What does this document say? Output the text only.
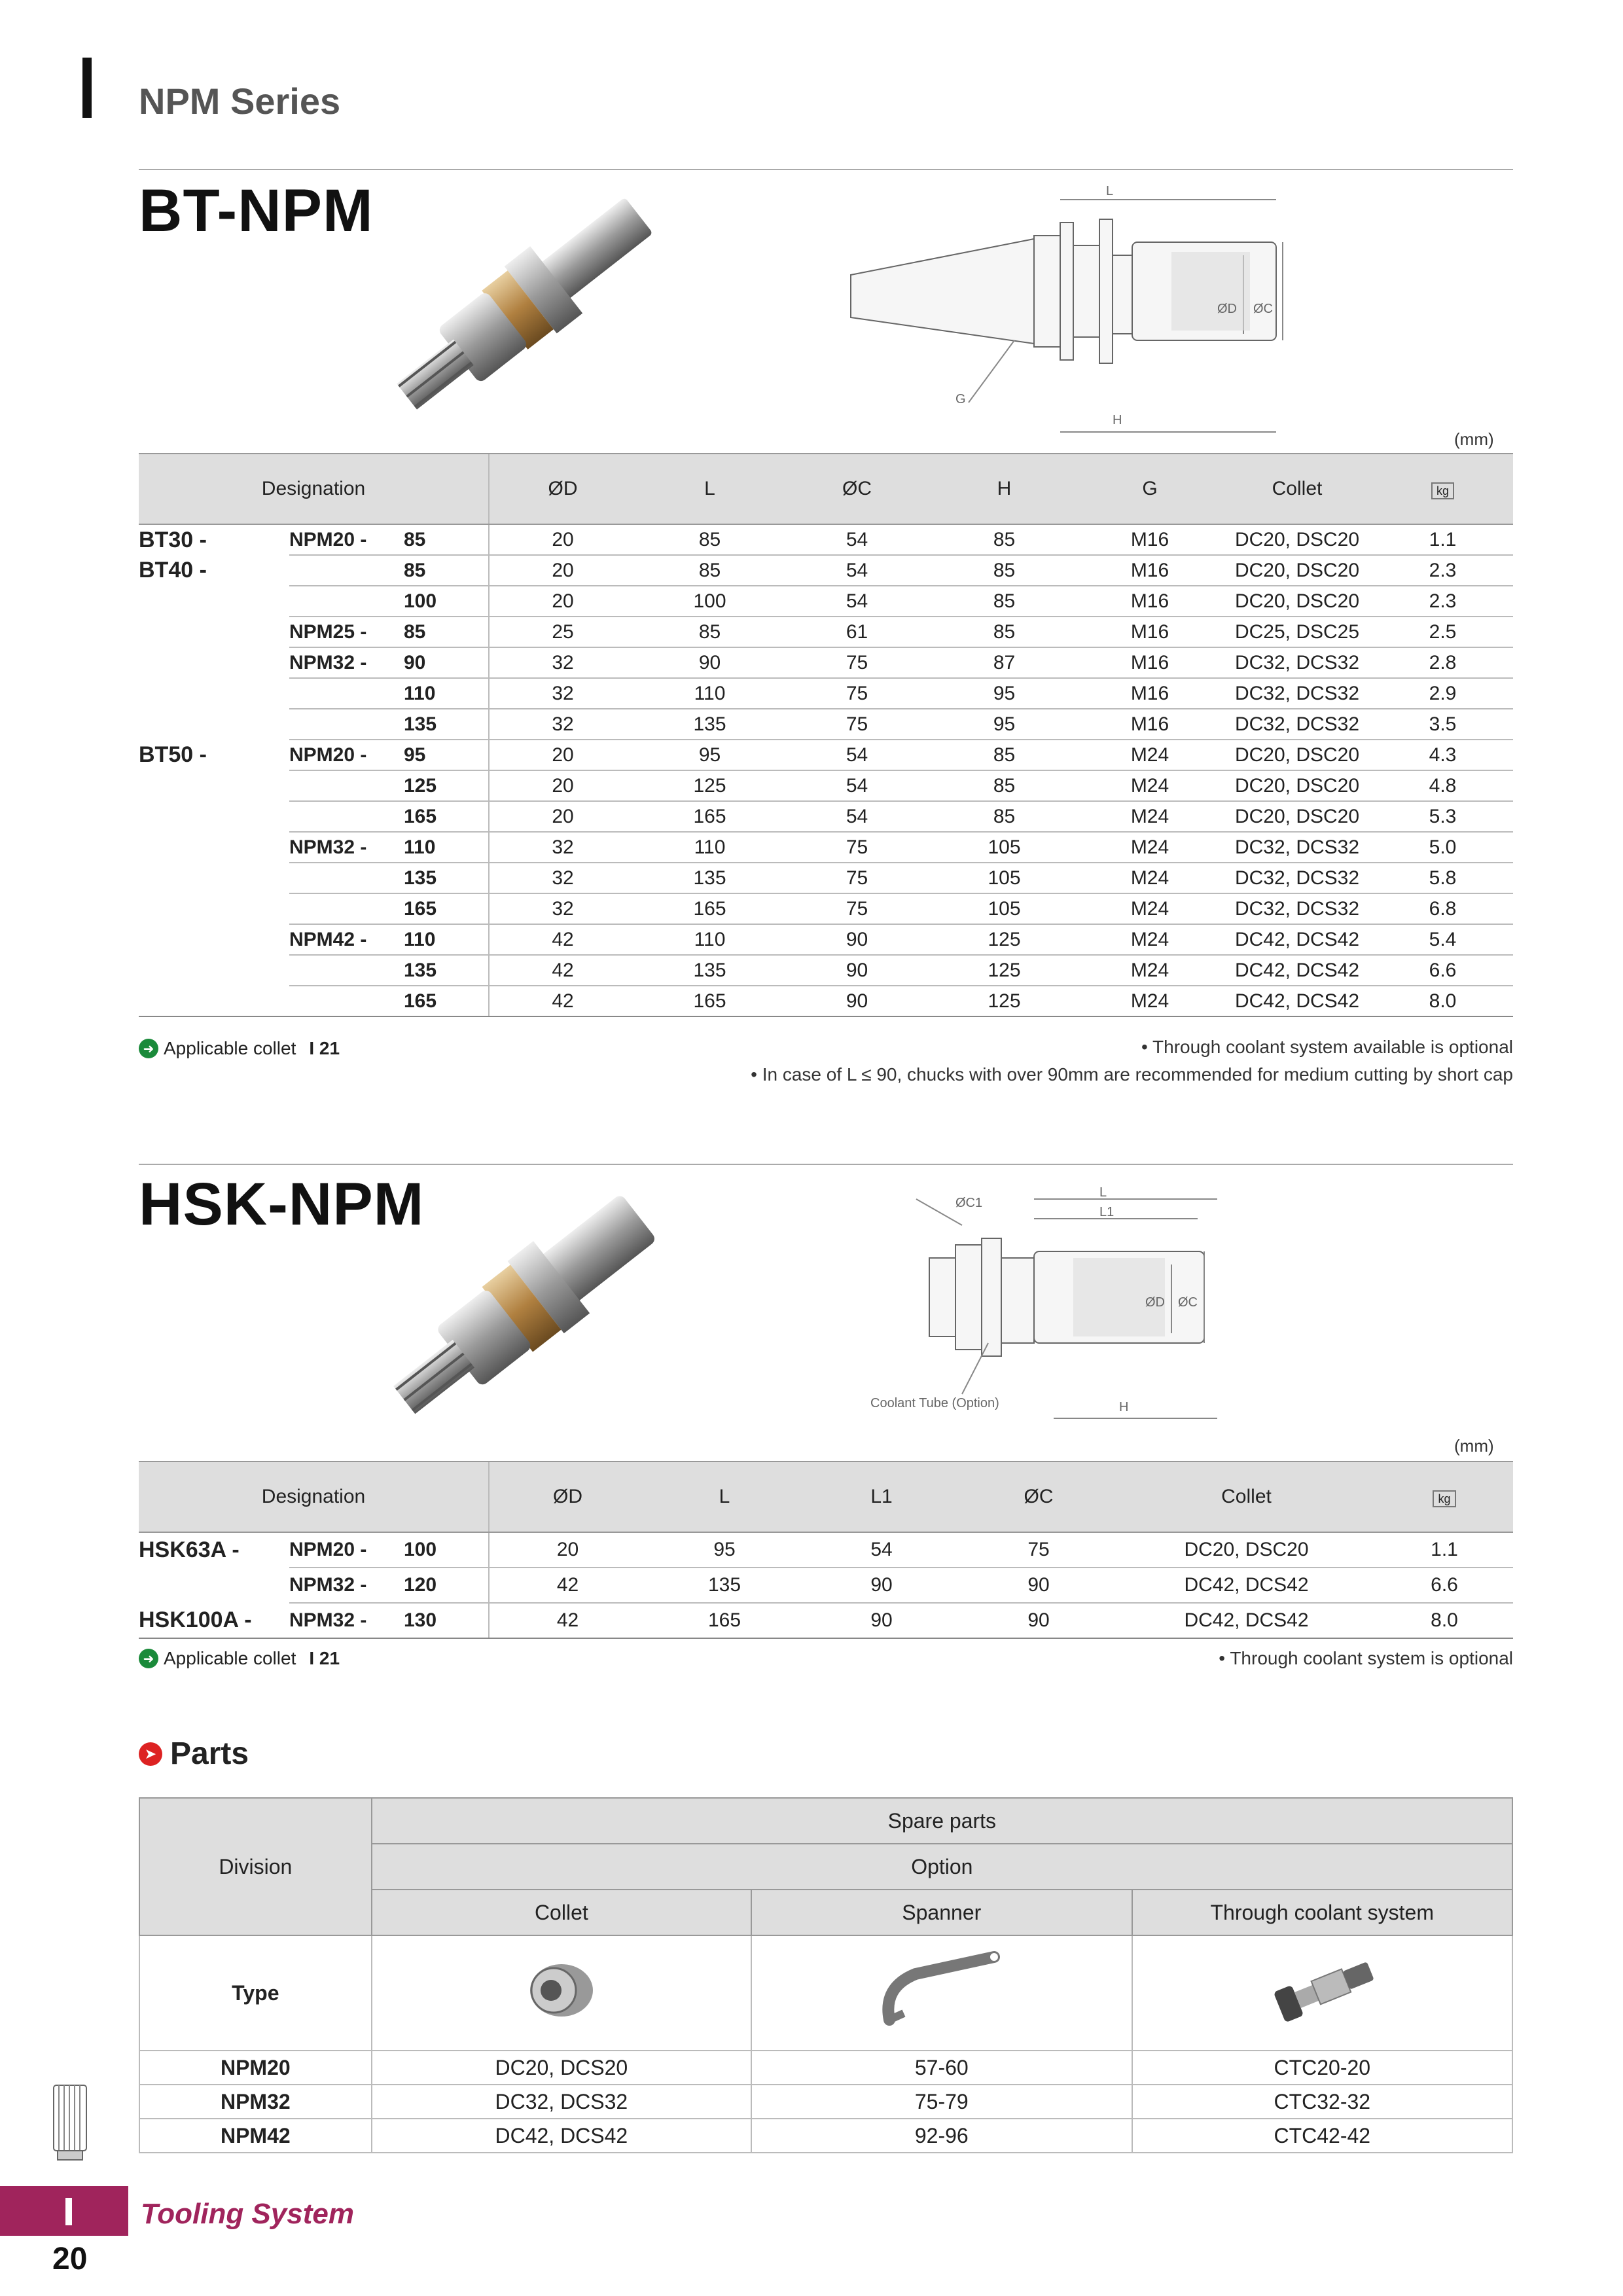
NPM Series
BT-NPM	L
ØD ØC
G
H
(mm)
Designation			ØD	L	ØC	H	G	Collet	kg
BT30 -	NPM20 -	85	20	85	54	85	M16	DC20, DSC20	1.1
BT40 -		85	20	85	54	85	M16	DC20, DSC20	2.3
		100	20	100	54	85	M16	DC20, DSC20	2.3
	NPM25 -	85	25	85	61	85	M16	DC25, DSC25	2.5
	NPM32 -	90	32	90	75	87	M16	DC32, DCS32	2.8
		110	32	110	75	95	M16	DC32, DCS32	2.9
		135	32	135	75	95	M16	DC32, DCS32	3.5
BT50 -	NPM20 -	95	20	95	54	85	M24	DC20, DSC20	4.3
		125	20	125	54	85	M24	DC20, DSC20	4.8
		165	20	165	54	85	M24	DC20, DSC20	5.3
	NPM32 -	110	32	110	75	105	M24	DC32, DCS32	5.0
		135	32	135	75	105	M24	DC32, DCS32	5.8
		165	32	165	75	105	M24	DC32, DCS32	6.8
	NPM42 -	110	42	110	90	125	M24	DC42, DCS42	5.4
		135	42	135	90	125	M24	DC42, DCS42	6.6
		165	42	165	90	125	M24	DC42, DCS42	8.0
➜ Applicable collet I 21	• Through coolant system available is optional
• In case of L ≤ 90, chucks with over 90mm are recommended for medium cutting by short cap
HSK-NPM	ØC1
L
L1
ØD ØC
H
Coolant Tube (Option)
(mm)
Designation			ØD	L	L1	ØC	Collet	kg
HSK63A -	NPM20 -	100	20	95	54	75	DC20, DSC20	1.1
	NPM32 -	120	42	135	90	90	DC42, DCS42	6.6
HSK100A -	NPM32 -	130	42	165	90	90	DC42, DCS42	8.0
➜ Applicable collet I 21	• Through coolant system is optional
➤ Parts
Division	Spare parts		
	Option		
	Collet	Spanner	Through coolant system
Type			
NPM20	DC20, DCS20	57-60	CTC20-20
NPM32	DC32, DCS32	75-79	CTC32-32
NPM42	DC42, DCS42	92-96	CTC42-42
Tooling System
20
